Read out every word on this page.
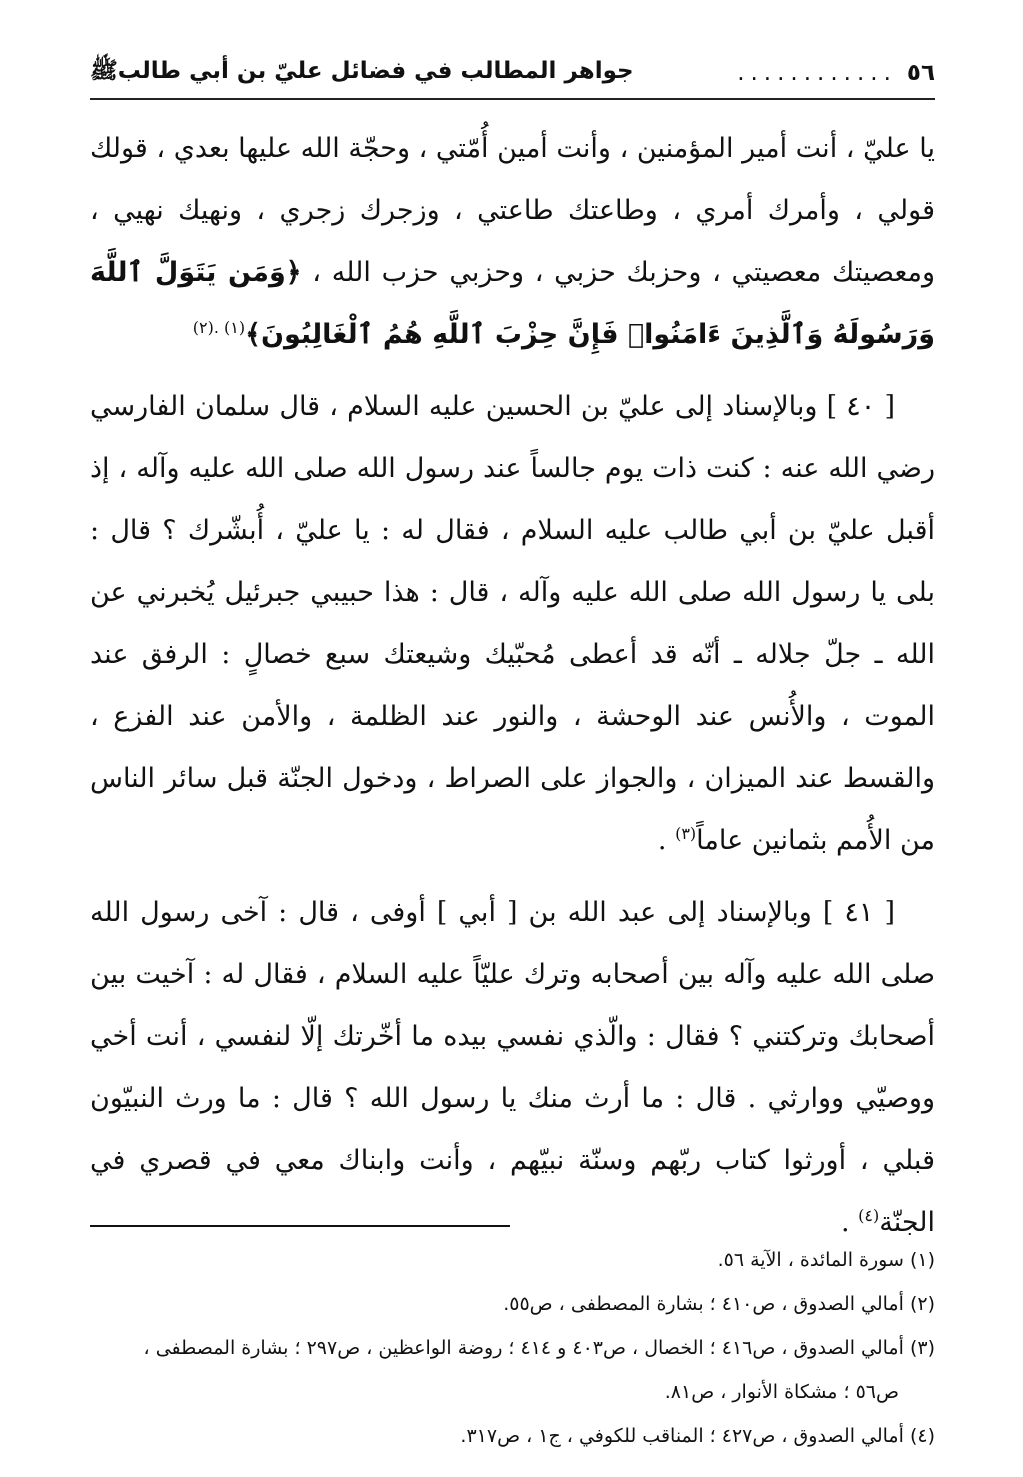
٥٦
............
جواهر المطالب في فضائل عليّ بن أبي طالبﷺ

يا عليّ ، أنت أمير المؤمنين ، وأنت أمين أُمّتي ، وحجّة الله عليها بعدي ، قولك قولي ، وأمرك أمري ، وطاعتك طاعتي ، وزجرك زجري ، ونهيك نهيي ، ومعصيتك معصيتي ، وحزبك حزبي ، وحزبي حزب الله ، ﴿وَمَن يَتَوَلَّ ٱللَّهَ وَرَسُولَهُ وَٱلَّذِينَ ءَامَنُوا۟ فَإِنَّ حِزْبَ ٱللَّهِ هُمُ ٱلْغَالِبُونَ﴾$^{(١) .(٢)}$

[ ٤٠ ] وبالإسناد إلى عليّ بن الحسين عليه السلام ، قال سلمان الفارسي رضي الله عنه : كنت ذات يوم جالساً عند رسول الله صلى الله عليه وآله ، إذ أقبل عليّ بن أبي طالب عليه السلام ، فقال له : يا عليّ ، أُبشّرك ؟ قال : بلى يا رسول الله صلى الله عليه وآله ، قال : هذا حبيبي جبرئيل يُخبرني عن الله ـ جلّ جلاله ـ أنّه قد أعطى مُحبّيك وشيعتك سبع خصالٍ : الرفق عند الموت ، والأُنس عند الوحشة ، والنور عند الظلمة ، والأمن عند الفزع ، والقسط عند الميزان ، والجواز على الصراط ، ودخول الجنّة قبل سائر الناس من الأُمم بثمانين عاماً$^{(٣)}$ .

[ ٤١ ] وبالإسناد إلى عبد الله بن [ أبي ] أوفى ، قال : آخى رسول الله صلى الله عليه وآله بين أصحابه وترك عليّاً عليه السلام ، فقال له : آخيت بين أصحابك وتركتني ؟ فقال : والّذي نفسي بيده ما أخّرتك إلّا لنفسي ، أنت أخي ووصيّي ووارثي . قال : ما أرث منك يا رسول الله ؟ قال : ما ورث النبيّون قبلي ، أورثوا كتاب ربّهم وسنّة نبيّهم ، وأنت وابناك معي في قصري في الجنّة$^{(٤)}$ .

(١) سورة المائدة ، الآية ٥٦.

(٢) أمالي الصدوق ، ص٤١٠ ؛ بشارة المصطفى ، ص٥٥.

(٣) أمالي الصدوق ، ص٤١٦ ؛ الخصال ، ص٤٠٣ و ٤١٤ ؛ روضة الواعظين ، ص٢٩٧ ؛ بشارة المصطفى ،
ص٥٦ ؛ مشكاة الأنوار ، ص٨١.

(٤) أمالي الصدوق ، ص٤٢٧ ؛ المناقب للكوفي ، ج١ ، ص٣١٧.
